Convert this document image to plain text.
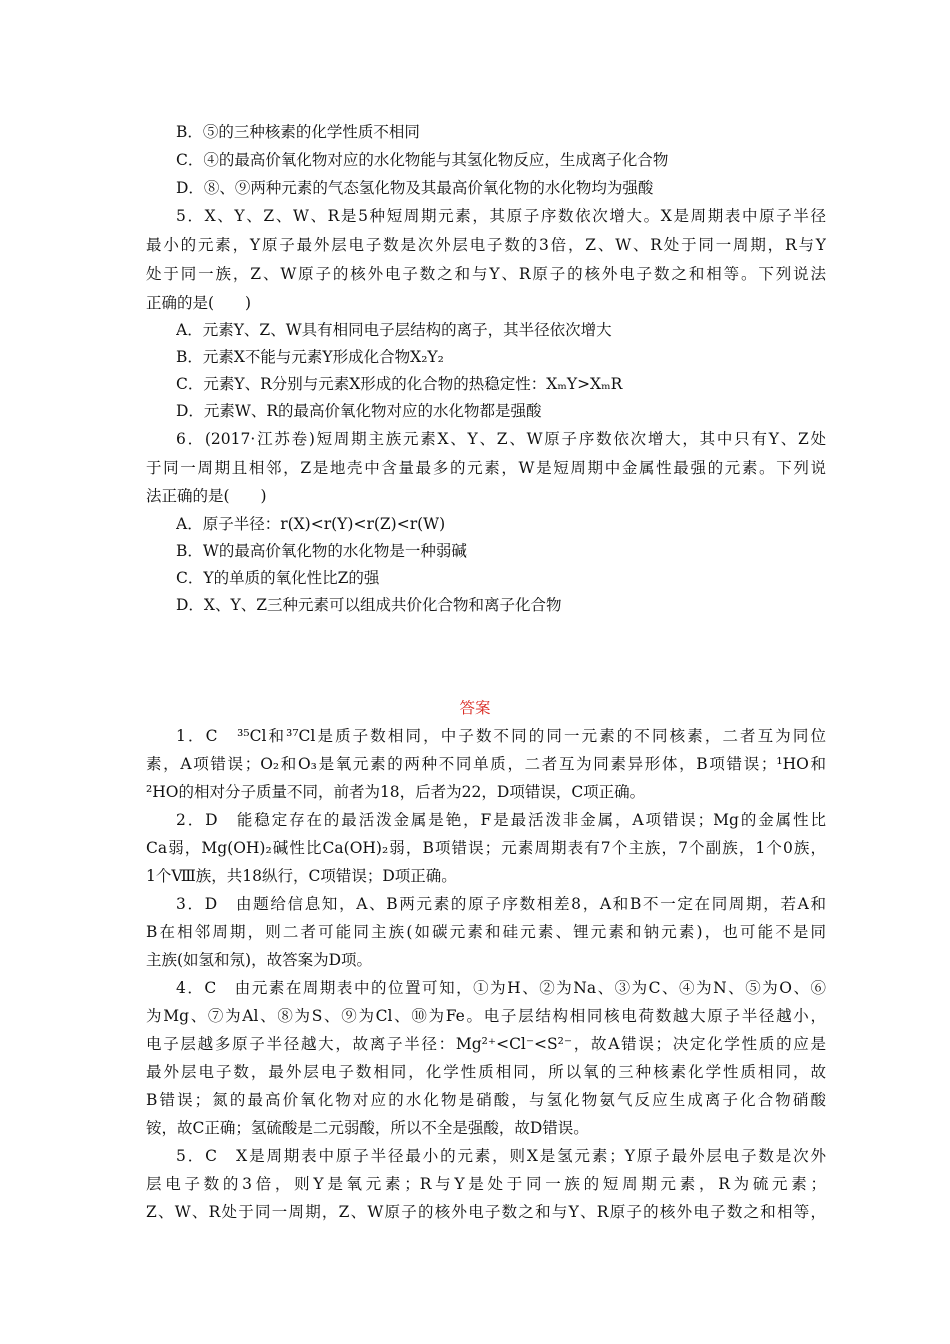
B．⑤的三种核素的化学性质不相同
C．④的最高价氧化物对应的水化物能与其氢化物反应，生成离子化合物
D．⑧、⑨两种元素的气态氢化物及其最高价氧化物的水化物均为强酸
5．X、Y、Z、W、R是5种短周期元素，其原子序数依次增大。X是周期表中原子半径
最小的元素，Y原子最外层电子数是次外层电子数的3倍，Z、W、R处于同一周期，R与Y
处于同一族，Z、W原子的核外电子数之和与Y、R原子的核外电子数之和相等。下列说法
正确的是(　　)
A．元素Y、Z、W具有相同电子层结构的离子，其半径依次增大
B．元素X不能与元素Y形成化合物X₂Y₂
C．元素Y、R分别与元素X形成的化合物的热稳定性：XₘY>XₘR
D．元素W、R的最高价氧化物对应的水化物都是强酸
6．(2017·江苏卷)短周期主族元素X、Y、Z、W原子序数依次增大，其中只有Y、Z处
于同一周期且相邻，Z是地壳中含量最多的元素，W是短周期中金属性最强的元素。下列说
法正确的是(　　)
A．原子半径：r(X)<r(Y)<r(Z)<r(W)
B．W的最高价氧化物的水化物是一种弱碱
C．Y的单质的氧化性比Z的强
D．X、Y、Z三种元素可以组成共价化合物和离子化合物
答案
1．C　³⁵Cl和³⁷Cl是质子数相同，中子数不同的同一元素的不同核素，二者互为同位
素，A项错误；O₂和O₃是氧元素的两种不同单质，二者互为同素异形体，B项错误；¹HO和
²HO的相对分子质量不同，前者为18，后者为22，D项错误，C项正确。
2．D　能稳定存在的最活泼金属是铯，F是最活泼非金属，A项错误；Mg的金属性比
Ca弱，Mg(OH)₂碱性比Ca(OH)₂弱，B项错误；元素周期表有7个主族，7个副族，1个0族，
1个Ⅷ族，共18纵行，C项错误；D项正确。
3．D　由题给信息知，A、B两元素的原子序数相差8，A和B不一定在同周期，若A和
B在相邻周期，则二者可能同主族(如碳元素和硅元素、锂元素和钠元素)，也可能不是同
主族(如氢和氖)，故答案为D项。
4．C　由元素在周期表中的位置可知，①为H、②为Na、③为C、④为N、⑤为O、⑥
为Mg、⑦为Al、⑧为S、⑨为Cl、⑩为Fe。电子层结构相同核电荷数越大原子半径越小，
电子层越多原子半径越大，故离子半径：Mg²⁺<Cl⁻<S²⁻，故A错误；决定化学性质的应是
最外层电子数，最外层电子数相同，化学性质相同，所以氧的三种核素化学性质相同，故
B错误；氮的最高价氧化物对应的水化物是硝酸，与氢化物氨气反应生成离子化合物硝酸
铵，故C正确；氢硫酸是二元弱酸，所以不全是强酸，故D错误。
5．C　X是周期表中原子半径最小的元素，则X是氢元素；Y原子最外层电子数是次外
层电子数的3倍，则Y是氧元素；R与Y是处于同一族的短周期元素，R为硫元素；
Z、W、R处于同一周期，Z、W原子的核外电子数之和与Y、R原子的核外电子数之和相等，
